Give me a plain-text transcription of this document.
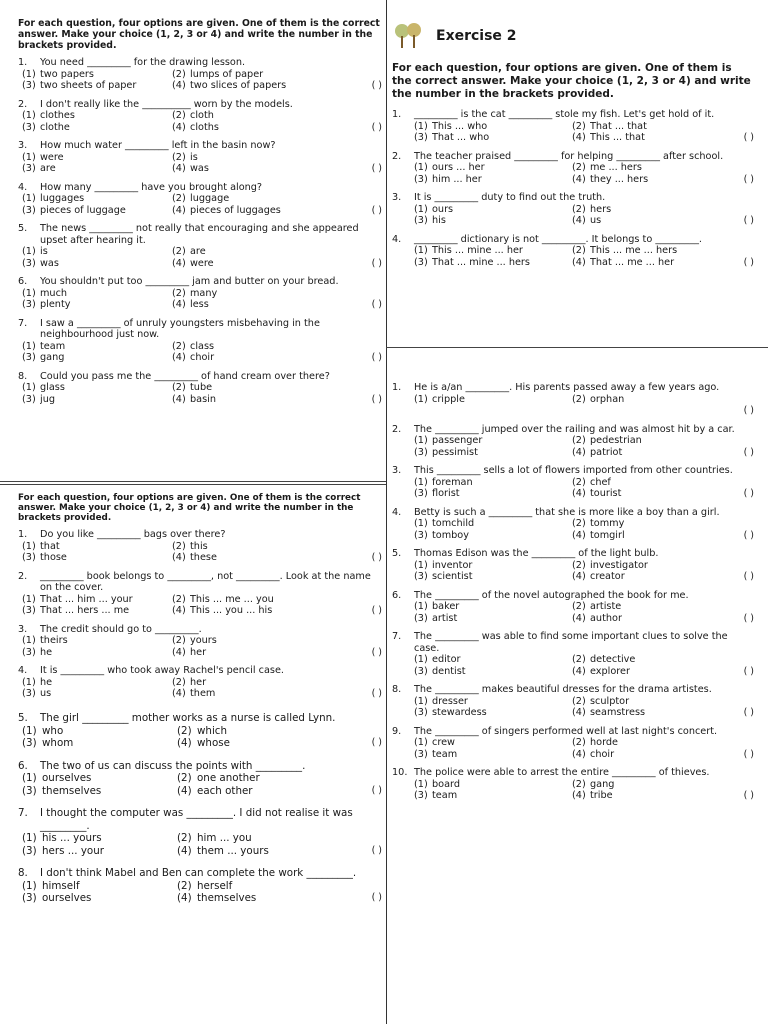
For each question, four options are given. One of them is the correct answer. Make your choice (1, 2, 3 or 4) and write the number in the brackets provided.

1.	You need _________ for the drawing lesson.
(1) two papers	(2) lumps of paper
(3) two sheets of paper	(4) two slices of papers	( )
2.	I don't really like the __________ worn by the models.
(1) clothes	(2) cloth
(3) clothe	(4) cloths	( )
3.	How much water _________ left in the basin now?
(1) were	(2) is
(3) are	(4) was	( )
4.	How many _________ have you brought along?
(1) luggages	(2) luggage
(3) pieces of luggage	(4) pieces of luggages	( )
5.	The news _________ not really that encouraging and she appeared upset after hearing it.
(1) is	(2) are
(3) was	(4) were	( )
6.	You shouldn't put too _________ jam and butter on your bread.
(1) much	(2) many
(3) plenty	(4) less	( )
7.	I saw a _________ of unruly youngsters misbehaving in the neighbourhood just now.
(1) team	(2) class
(3) gang	(4) choir	( )
8.	Could you pass me the _________ of hand cream over there?
(1) glass	(2) tube
(3) jug	(4) basin	( )

For each question, four options are given. One of them is the correct answer. Make your choice (1, 2, 3 or 4) and write the number in the brackets provided.

1.	Do you like _________ bags over there?
(1) that	(2) this
(3) those	(4) these	( )
2.	_________ book belongs to _________, not _________. Look at the name on the cover.
(1) That ... him ... your	(2) This ... me ... you
(3) That ... hers ... me	(4) This ... you ... his	( )
3.	The credit should go to _________.
(1) theirs	(2) yours
(3) he	(4) her	( )
4.	It is _________ who took away Rachel's pencil case.
(1) he	(2) her
(3) us	(4) them	( )
5.	The girl _________ mother works as a nurse is called Lynn.
(1) who	(2) which
(3) whom	(4) whose	( )
6.	The two of us can discuss the points with _________.
(1) ourselves	(2) one another
(3) themselves	(4) each other	( )
7.	I thought the computer was _________. I did not realise it was _________.
(1) his ... yours	(2) him ... you
(3) hers ... your	(4) them ... yours	( )
8.	I don't think Mabel and Ben can complete the work _________.
(1) himself	(2) herself
(3) ourselves	(4) themselves	( )
Exercise 2

For each question, four options are given. One of them is the correct answer. Make your choice (1, 2, 3 or 4) and write the number in the brackets provided.

1.	_________ is the cat _________ stole my fish. Let's get hold of it.
(1) This ... who	(2) That ... that
(3) That ... who	(4) This ... that	( )
2.	The teacher praised _________ for helping _________ after school.
(1) ours ... her	(2) me ... hers
(3) him ... her	(4) they ... hers	( )
3.	It is _________ duty to find out the truth.
(1) ours	(2) hers
(3) his	(4) us	( )
4.	_________ dictionary is not _________. It belongs to _________.
(1) This ... mine ... her	(2) This ... me ... hers
(3) That ... mine ... hers	(4) That ... me ... her	( )
1.	He is a/an _________. His parents passed away a few years ago.
(1) cripple	(2) orphan
( )
2.	The _________ jumped over the railing and was almost hit by a car.
(1) passenger	(2) pedestrian
(3) pessimist	(4) patriot	( )
3.	This _________ sells a lot of flowers imported from other countries.
(1) foreman	(2) chef
(3) florist	(4) tourist	( )
4.	Betty is such a _________ that she is more like a boy than a girl.
(1) tomchild	(2) tommy
(3) tomboy	(4) tomgirl	( )
5.	Thomas Edison was the _________ of the light bulb.
(1) inventor	(2) investigator
(3) scientist	(4) creator	( )
6.	The _________ of the novel autographed the book for me.
(1) baker	(2) artiste
(3) artist	(4) author	( )
7.	The _________ was able to find some important clues to solve the case.
(1) editor	(2) detective
(3) dentist	(4) explorer	( )
8.	The _________ makes beautiful dresses for the drama artistes.
(1) dresser	(2) sculptor
(3) stewardess	(4) seamstress	( )
9.	The _________ of singers performed well at last night's concert.
(1) crew	(2) horde
(3) team	(4) choir	( )
10. The police were able to arrest the entire _________ of thieves.
(1) board	(2) gang
(3) team	(4) tribe	( )
